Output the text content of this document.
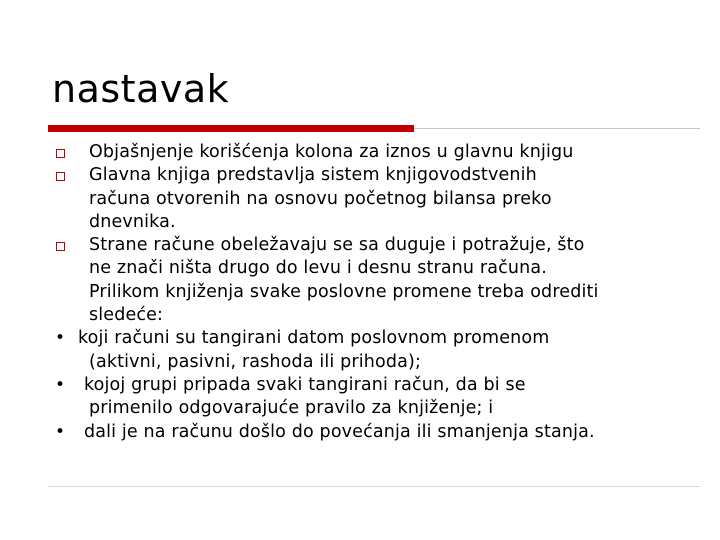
nastavak
Objašnjenje korišćenja kolona za iznos u glavnu knjigu
Glavna knjiga predstavlja sistem knjigovodstvenih
računa otvorenih na osnovu početnog bilansa preko
dnevnika.
Strane račune obeležavaju se sa duguje i potražuje, što
ne znači ništa drugo do levu i desnu stranu računa.
Prilikom knjiženja svake poslovne promene treba odrediti
sledeće:
• koji računi su tangirani datom poslovnom promenom
(aktivni, pasivni, rashoda ili prihoda);
• kojoj grupi pripada svaki tangirani račun, da bi se
primenilo odgovarajuće pravilo za knjiženje; i
• dali je na računu došlo do povećanja ili smanjenja stanja.
